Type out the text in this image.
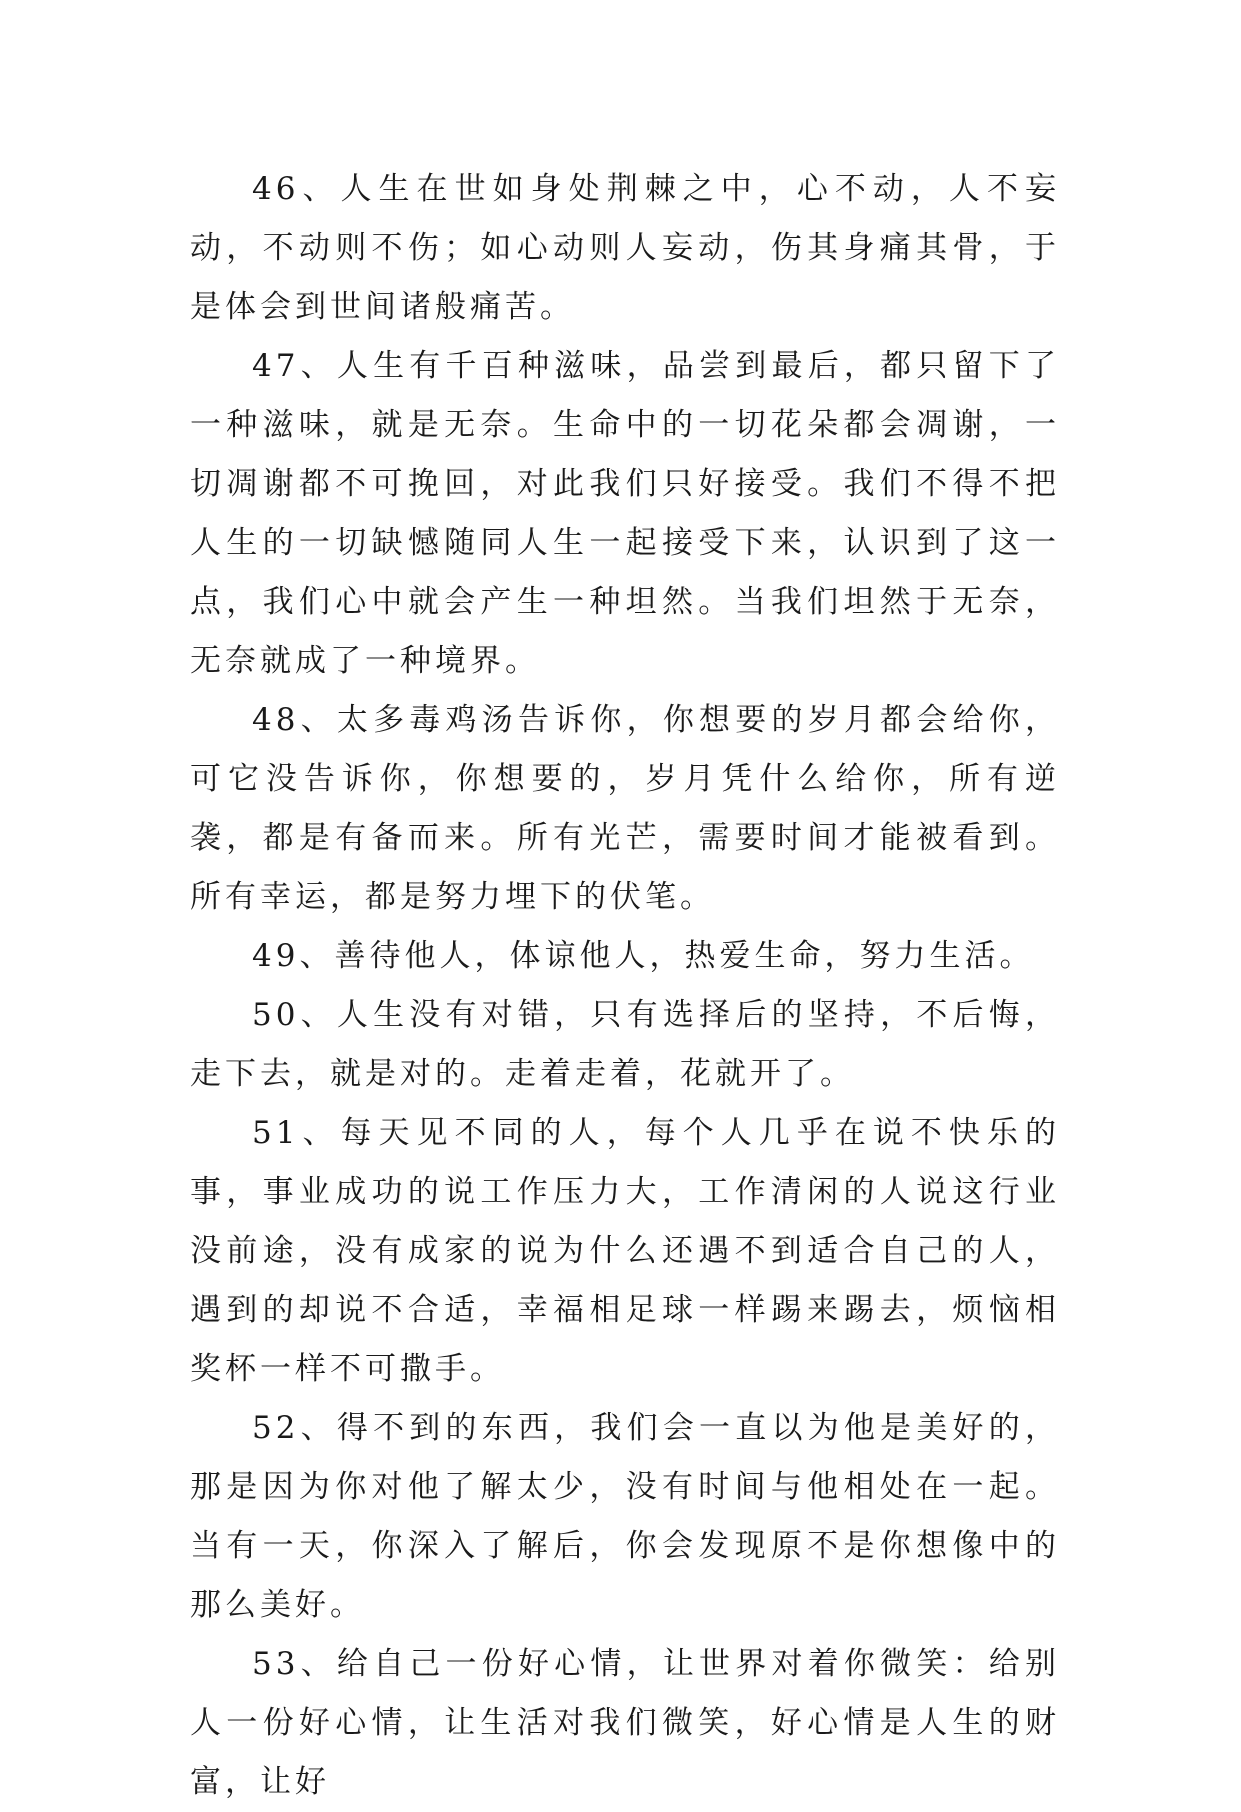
46、人生在世如身处荆棘之中，心不动，人不妄动，不动则不伤；如心动则人妄动，伤其身痛其骨，于是体会到世间诸般痛苦。

47、人生有千百种滋味，品尝到最后，都只留下了一种滋味，就是无奈。生命中的一切花朵都会凋谢，一切凋谢都不可挽回，对此我们只好接受。我们不得不把人生的一切缺憾随同人生一起接受下来，认识到了这一点，我们心中就会产生一种坦然。当我们坦然于无奈，无奈就成了一种境界。

48、太多毒鸡汤告诉你，你想要的岁月都会给你，可它没告诉你，你想要的，岁月凭什么给你，所有逆袭，都是有备而来。所有光芒，需要时间才能被看到。所有幸运，都是努力埋下的伏笔。

49、善待他人，体谅他人，热爱生命，努力生活。

50、人生没有对错，只有选择后的坚持，不后悔，走下去，就是对的。走着走着，花就开了。

51、每天见不同的人，每个人几乎在说不快乐的事，事业成功的说工作压力大，工作清闲的人说这行业没前途，没有成家的说为什么还遇不到适合自己的人，遇到的却说不合适，幸福相足球一样踢来踢去，烦恼相奖杯一样不可撒手。

52、得不到的东西，我们会一直以为他是美好的，那是因为你对他了解太少，没有时间与他相处在一起。当有一天，你深入了解后，你会发现原不是你想像中的那么美好。

53、给自己一份好心情，让世界对着你微笑：给别人一份好心情，让生活对我们微笑，好心情是人生的财富，让好
